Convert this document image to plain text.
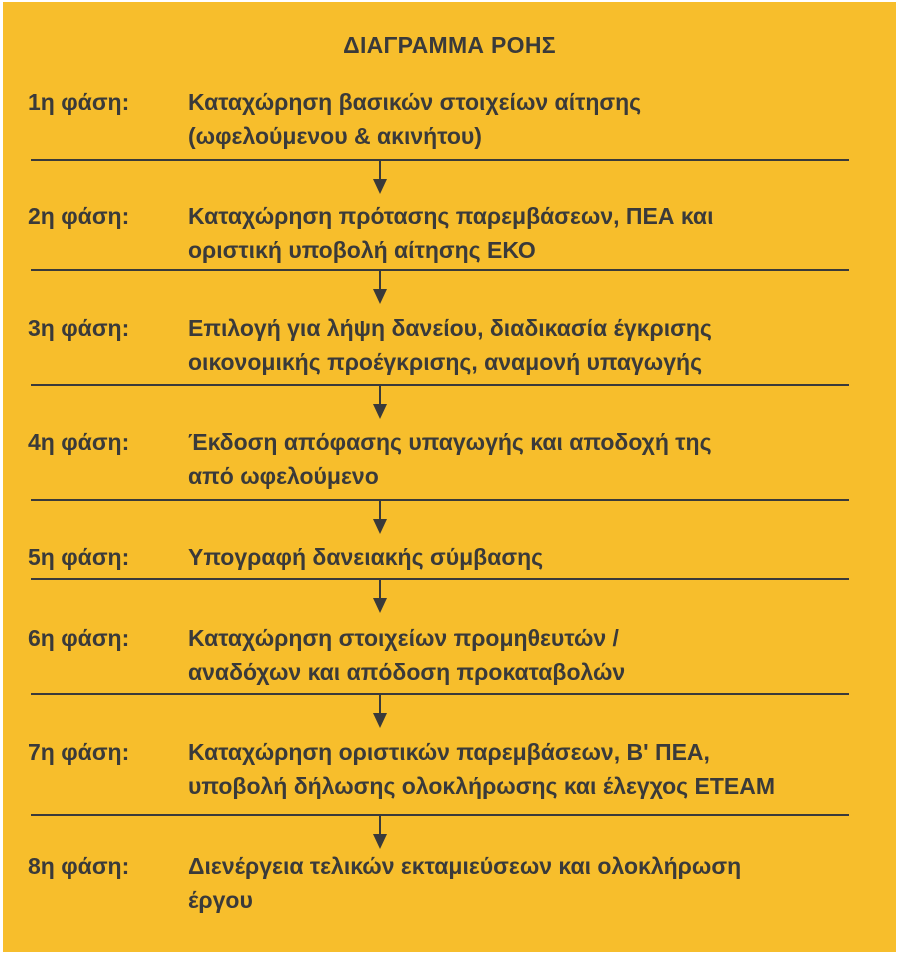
ΔΙΑΓΡΑΜΜΑ ΡΟΗΣ
1η φάση:	Καταχώρηση βασικών στοιχείων αίτησης
(ωφελούμενου & ακινήτου)
2η φάση:	Καταχώρηση πρότασης παρεμβάσεων, ΠΕΑ και
οριστική υποβολή αίτησης ΕΚΟ
3η φάση:	Επιλογή για λήψη δανείου, διαδικασία έγκρισης
οικονομικής προέγκρισης, αναμονή υπαγωγής
4η φάση:	Έκδοση απόφασης υπαγωγής και αποδοχή της
από ωφελούμενο
5η φάση:	Υπογραφή δανειακής σύμβασης
6η φάση:	Καταχώρηση στοιχείων προμηθευτών /
αναδόχων και απόδοση προκαταβολών
7η φάση:	Καταχώρηση οριστικών παρεμβάσεων, Β' ΠΕΑ,
υποβολή δήλωσης ολοκλήρωσης και έλεγχος ΕΤΕΑΜ
8η φάση:	Διενέργεια τελικών εκταμιεύσεων και ολοκλήρωση
έργου
